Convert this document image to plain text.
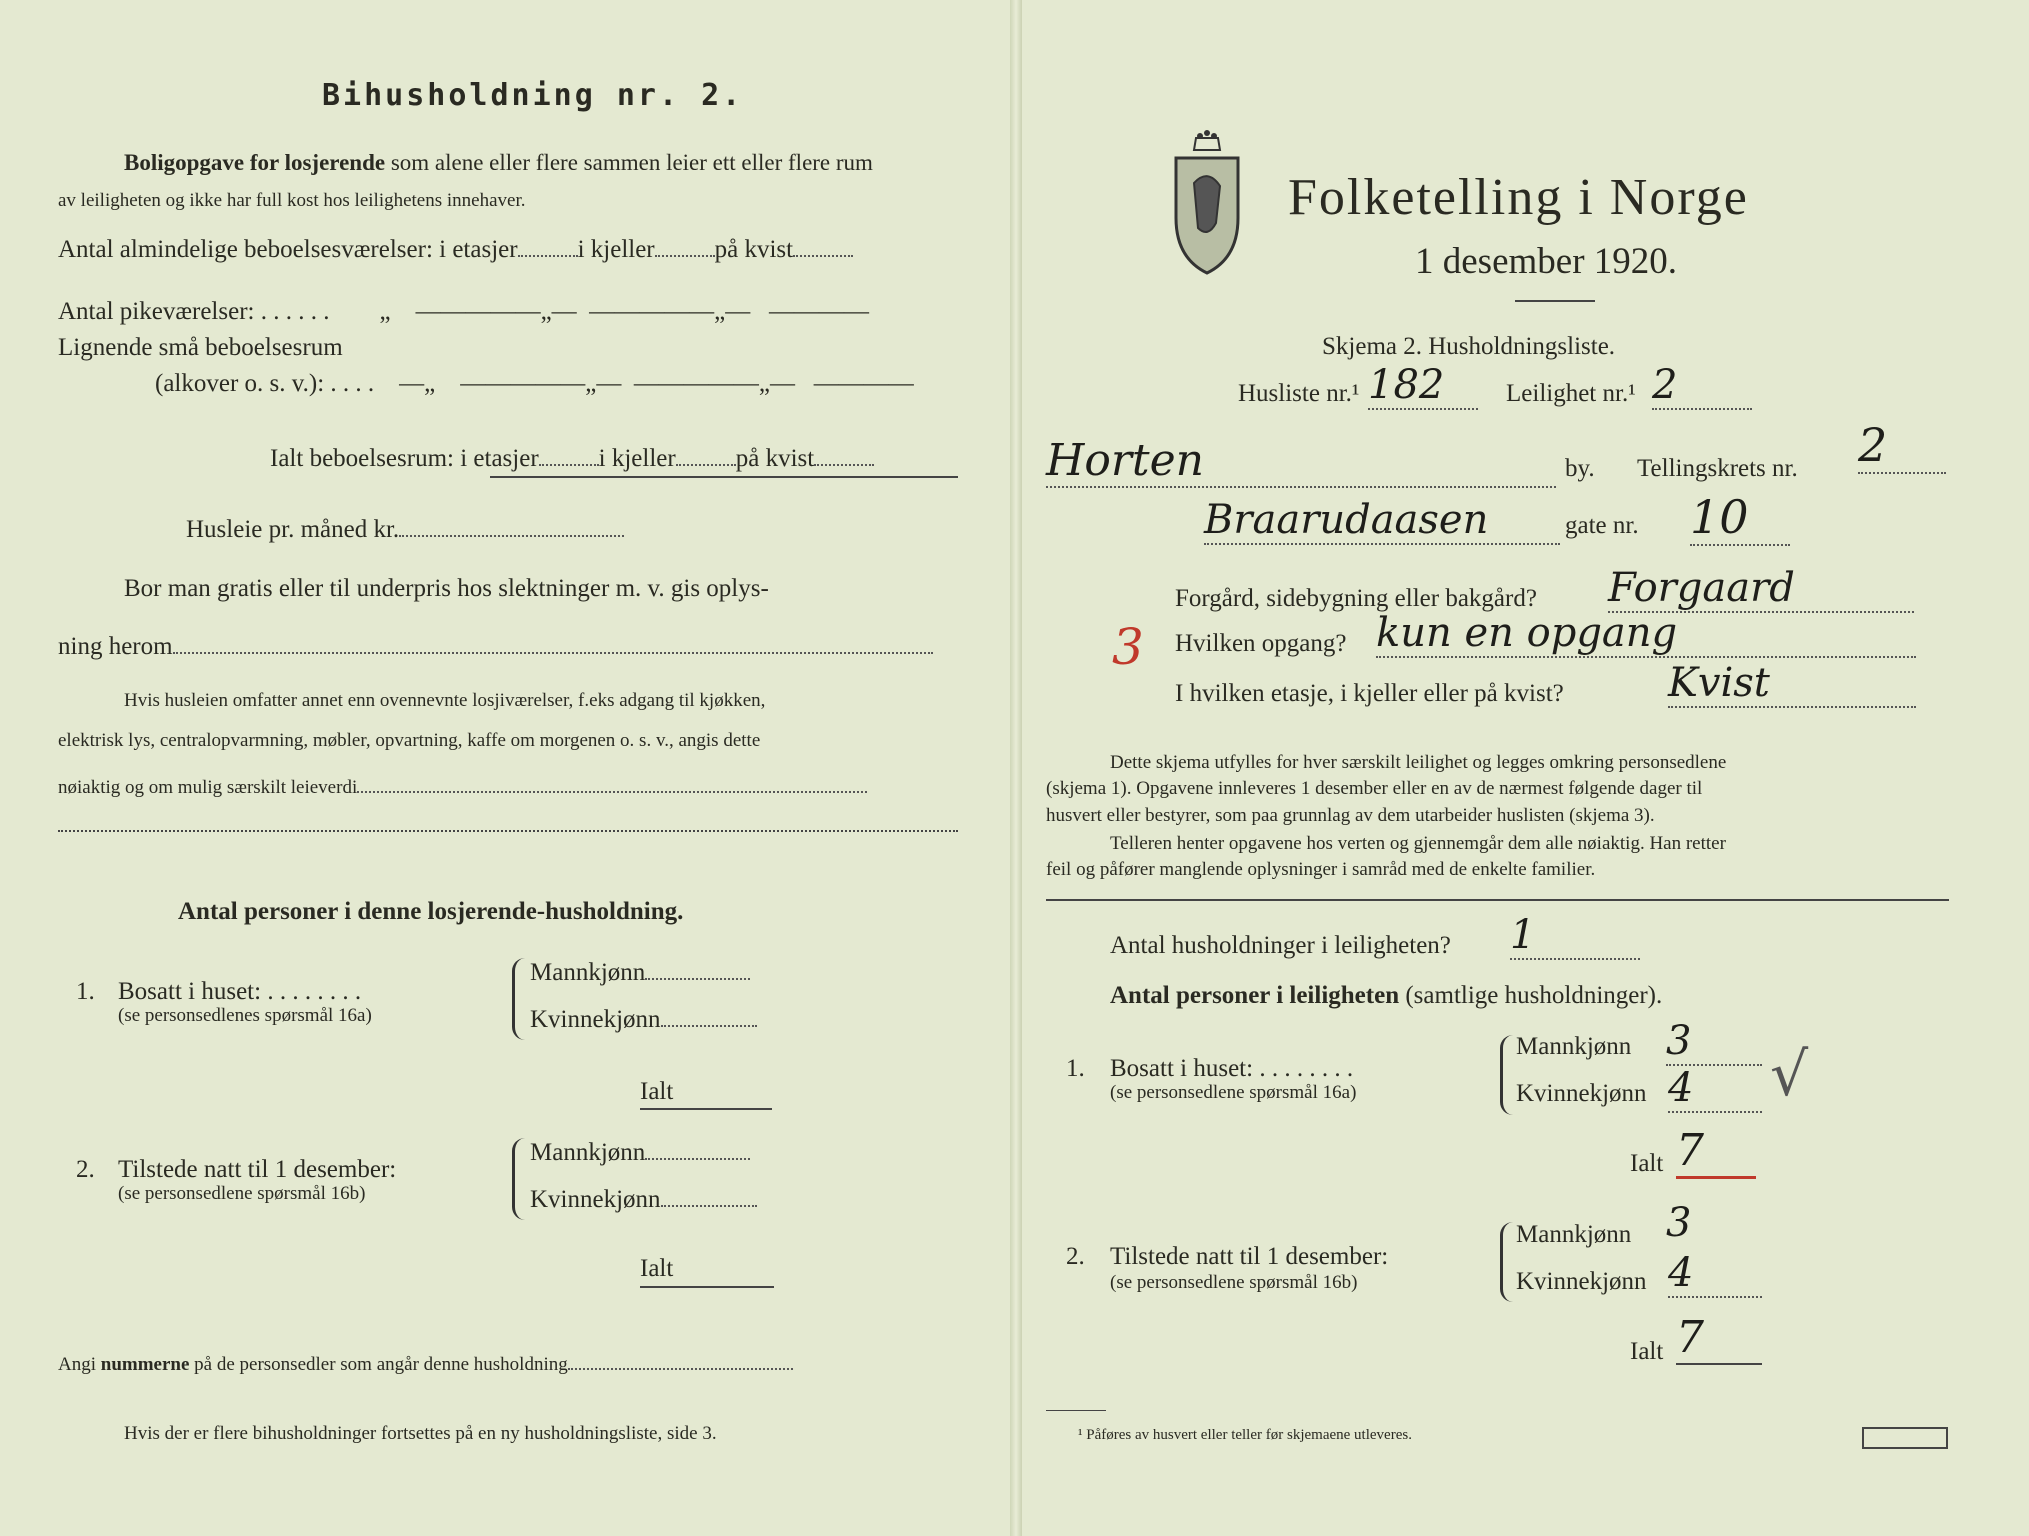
Bihusholdning nr. 2.
Boligopgave for losjerende som alene eller flere sammen leier ett eller flere rum
av leiligheten og ikke har full kost hos leilighetens innehaver.
Antal almindelige beboelsesværelser: i etasjer i kjeller på kvist
Antal pikeværelser: . . . . . .        „    —————„—  —————„—   ————
Lignende små beboelsesrum
(alkover o. s. v.): . . . .    —„    —————„—  —————„—   ————
Ialt beboelsesrum: i etasjer i kjeller på kvist
Husleie pr. måned kr.
Bor man gratis eller til underpris hos slektninger m. v. gis oplys-
ning herom
Hvis husleien omfatter annet enn ovennevnte losjiværelser, f.eks adgang til kjøkken,
elektrisk lys, centralopvarmning, møbler, opvartning, kaffe om morgenen o. s. v., angis dette
nøiaktig og om mulig særskilt leieverdi
Antal personer i denne losjerende-husholdning.
1. Bosatt i huset: . . . . . . . .
(se personsedlenes spørsmål 16a)
Mannkjønn
Kvinnekjønn
Ialt
2. Tilstede natt til 1 desember:
(se personsedlene spørsmål 16b)
Mannkjønn
Kvinnekjønn
Ialt
Angi nummerne på de personsedler som angår denne husholdning
Hvis der er flere bihusholdninger fortsettes på en ny husholdningsliste, side 3.
Folketelling i Norge
1 desember 1920.
Skjema 2. Husholdningsliste.
Husliste nr.¹ 182	Leilighet nr.¹ 2
Horten	by. Tellingskrets nr. 2
Braarudaasen	gate nr. 10
Forgård, sidebygning eller bakgård? Forgaard
3 Hvilken opgang? kun en opgang
I hvilken etasje, i kjeller eller på kvist?	Kvist
Dette skjema utfylles for hver særskilt leilighet og legges omkring personsedlene
(skjema 1). Opgavene innleveres 1 desember eller en av de nærmest følgende dager til
husvert eller bestyrer, som paa grunnlag av dem utarbeider huslisten (skjema 3).
Telleren henter opgavene hos verten og gjennemgår dem alle nøiaktig. Han retter
feil og påfører manglende oplysninger i samråd med de enkelte familier.
Antal husholdninger i leiligheten? 1
Antal personer i leiligheten (samtlige husholdninger).
1. Bosatt i huset: . . . . . . . .
(se personsedlene spørsmål 16a)
Mannkjønn 3
Kvinnekjønn 4	√
Ialt 7
2. Tilstede natt til 1 desember:
(se personsedlene spørsmål 16b)
Mannkjønn 3
Kvinnekjønn 4
Ialt 7
¹ Påføres av husvert eller teller før skjemaene utleveres.
